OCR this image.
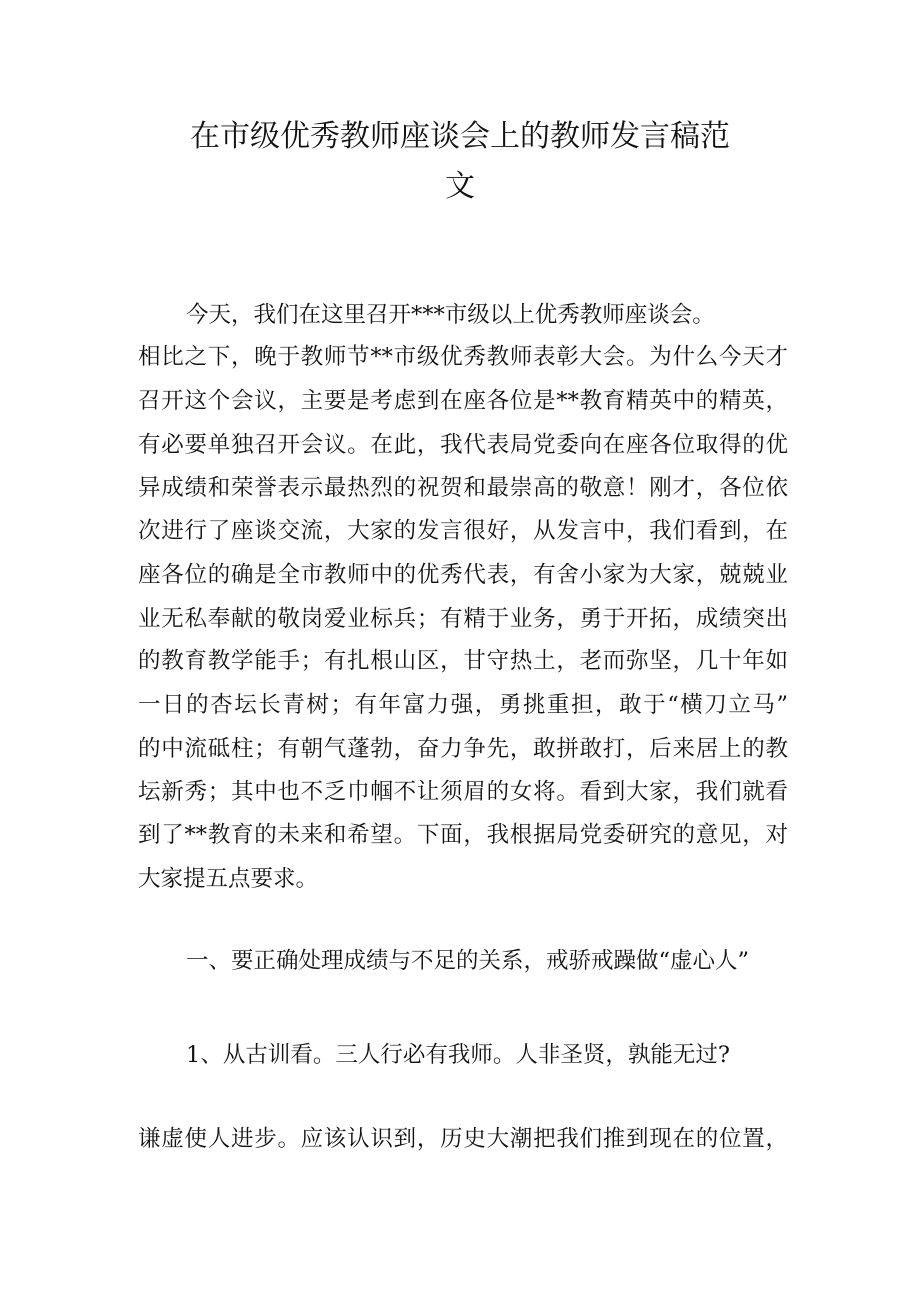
在市级优秀教师座谈会上的教师发言稿范
文

今天，我们在这里召开***市级以上优秀教师座谈会。

相比之下，晚于教师节**市级优秀教师表彰大会。为什么今天才

召开这个会议，主要是考虑到在座各位是**教育精英中的精英，

有必要单独召开会议。在此，我代表局党委向在座各位取得的优

异成绩和荣誉表示最热烈的祝贺和最崇高的敬意！刚才，各位依

次进行了座谈交流，大家的发言很好，从发言中，我们看到，在

座各位的确是全市教师中的优秀代表，有舍小家为大家，兢兢业

业无私奉献的敬岗爱业标兵；有精于业务，勇于开拓，成绩突出

的教育教学能手；有扎根山区，甘守热土，老而弥坚，几十年如

一日的杏坛长青树；有年富力强，勇挑重担，敢于“横刀立马”

的中流砥柱；有朝气蓬勃，奋力争先，敢拼敢打，后来居上的教

坛新秀；其中也不乏巾帼不让须眉的女将。看到大家，我们就看

到了**教育的未来和希望。下面，我根据局党委研究的意见，对

大家提五点要求。

一、要正确处理成绩与不足的关系，戒骄戒躁做“虚心人”

1、从古训看。三人行必有我师。人非圣贤，孰能无过?

谦虚使人进步。应该认识到，历史大潮把我们推到现在的位置，
